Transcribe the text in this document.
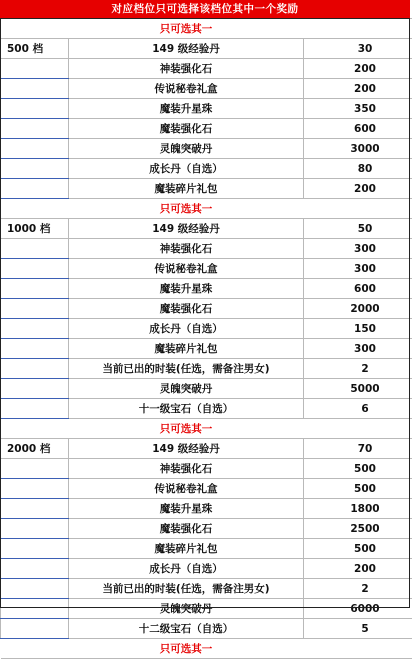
对应档位只可选择该档位其中一个奖励
	只可选其一	
500 档	149 级经验丹	30
	神装强化石	200
	传说秘卷礼盒	200
	魔装升星珠	350
	魔装强化石	600
	灵魄突破丹	3000
	成长丹（自选）	80
	魔装碎片礼包	200
	只可选其一	
1000 档	149 级经验丹	50
	神装强化石	300
	传说秘卷礼盒	300
	魔装升星珠	600
	魔装强化石	2000
	成长丹（自选）	150
	魔装碎片礼包	300
	当前已出的时装(任选，需备注男女)	2
	灵魄突破丹	5000
	十一级宝石（自选）	6
	只可选其一	
2000 档	149 级经验丹	70
	神装强化石	500
	传说秘卷礼盒	500
	魔装升星珠	1800
	魔装强化石	2500
	魔装碎片礼包	500
	成长丹（自选）	200
	当前已出的时装(任选，需备注男女)	2
	灵魄突破丹	6000
	十二级宝石（自选）	5
	只可选其一	
